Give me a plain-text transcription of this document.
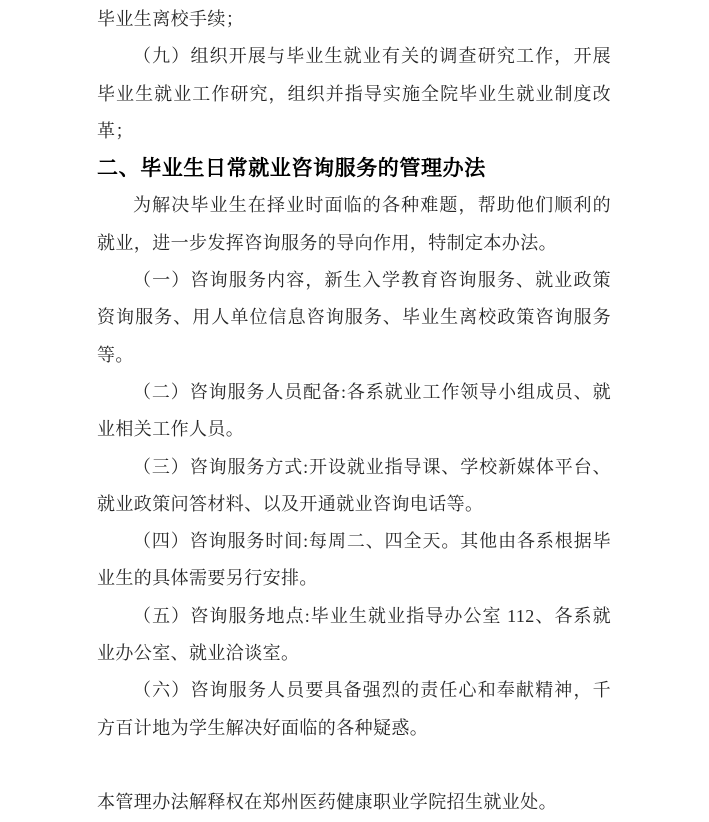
毕业生离校手续；

（九）组织开展与毕业生就业有关的调查研究工作，开展毕业生就业工作研究，组织并指导实施全院毕业生就业制度改革；

二、毕业生日常就业咨询服务的管理办法

为解决毕业生在择业时面临的各种难题，帮助他们顺利的就业，进一步发挥咨询服务的导向作用，特制定本办法。

（一）咨询服务内容，新生入学教育咨询服务、就业政策资询服务、用人单位信息咨询服务、毕业生离校政策咨询服务等。

（二）咨询服务人员配备:各系就业工作领导小组成员、就业相关工作人员。

（三）咨询服务方式:开设就业指导课、学校新媒体平台、就业政策问答材料、以及开通就业咨询电话等。

（四）咨询服务时间:每周二、四全天。其他由各系根据毕业生的具体需要另行安排。

（五）咨询服务地点:毕业生就业指导办公室 112、各系就业办公室、就业洽谈室。

（六）咨询服务人员要具备强烈的责任心和奉献精神，千方百计地为学生解决好面临的各种疑惑。

本管理办法解释权在郑州医药健康职业学院招生就业处。
